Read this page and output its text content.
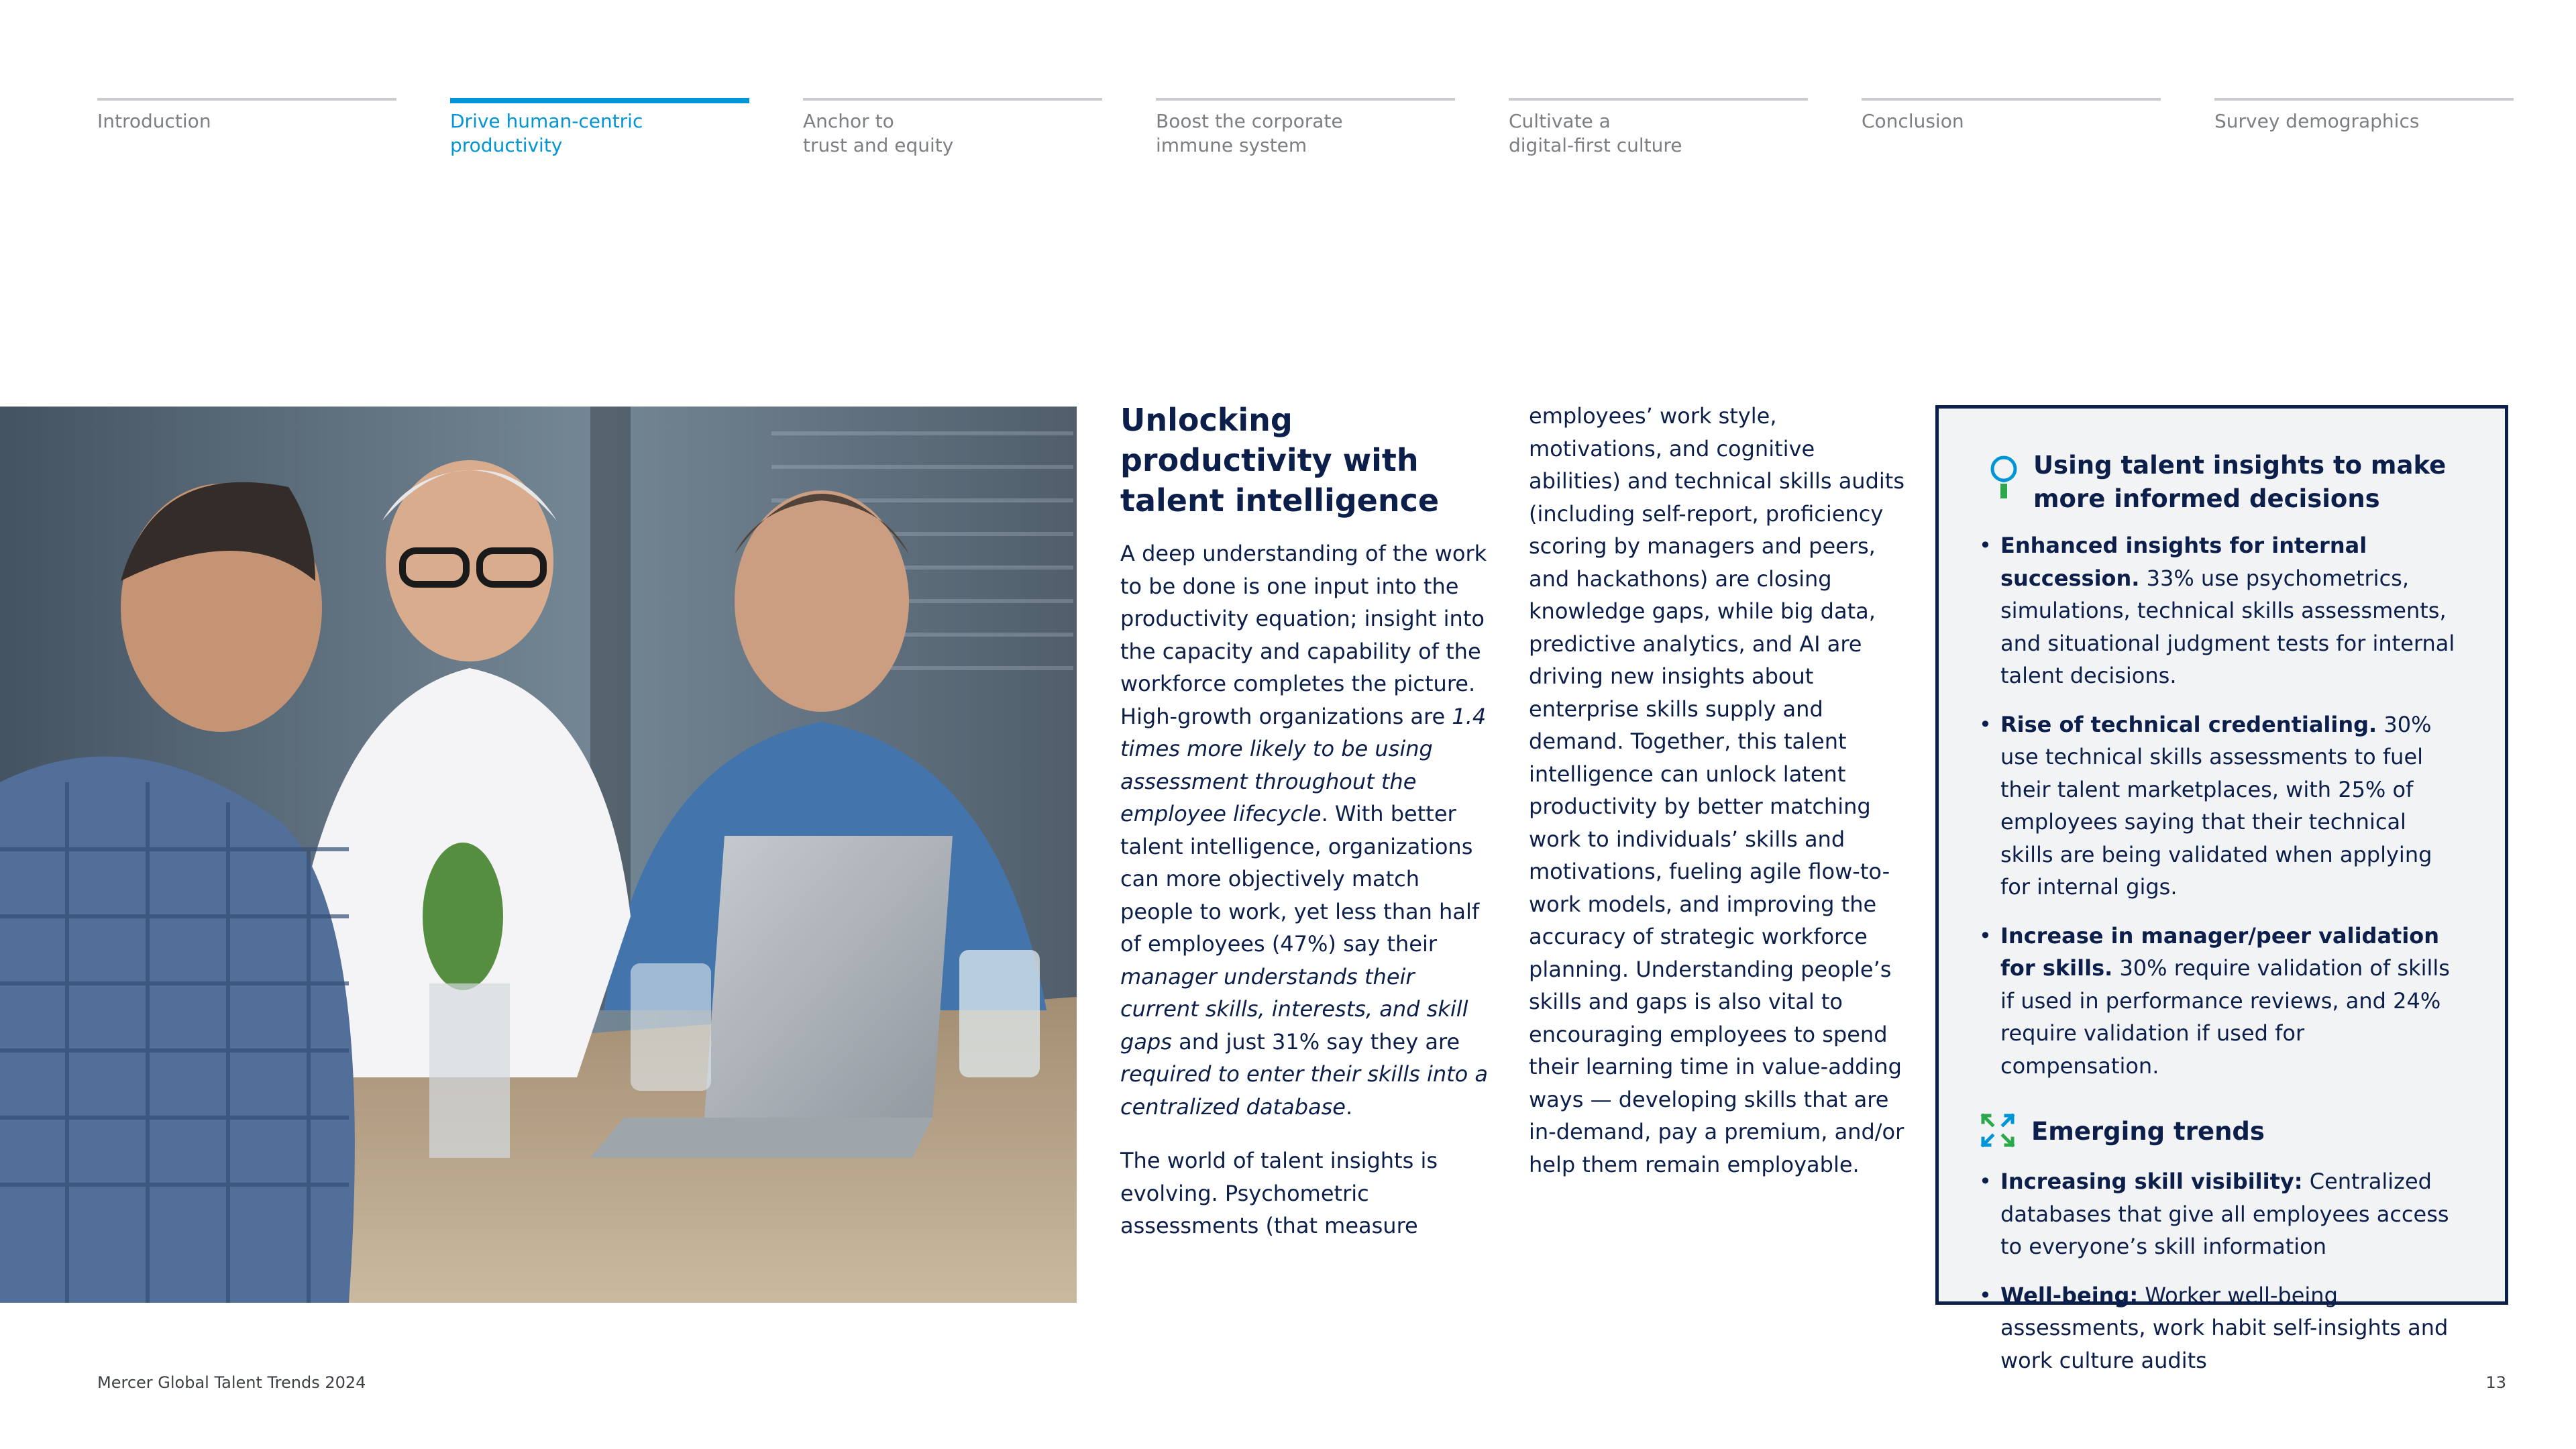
Introduction	Drive human-centric
productivity
Anchor to
trust and equity
Boost the corporate
immune system
Cultivate a
digital-first culture
Conclusion	Survey demographics
Unlocking productivity with talent intelligence

A deep understanding of the work to be done is one input into the productivity equation; insight into the capacity and capability of the workforce completes the picture. High-growth organizations are 1.4 times more likely to be using assessment throughout the employee lifecycle. With better talent intelligence, organizations can more objectively match people to work, yet less than half of employees (47%) say their manager understands their current skills, interests, and skill gaps and just 31% say they are required to enter their skills into a centralized database.

The world of talent insights is evolving. Psychometric assessments (that measure

employees’ work style, motivations, and cognitive abilities) and technical skills audits (including self-report, proficiency scoring by managers and peers, and hackathons) are closing knowledge gaps, while big data, predictive analytics, and AI are driving new insights about enterprise skills supply and demand. Together, this talent intelligence can unlock latent productivity by better matching work to individuals’ skills and motivations, fueling agile flow-to-work models, and improving the accuracy of strategic workforce planning. Understanding people’s skills and gaps is also vital to encouraging employees to spend their learning time in value-adding ways — developing skills that are in-demand, pay a premium, and/or help them remain employable.

Using talent insights to make more informed decisions
• Enhanced insights for internal succession. 33% use psychometrics, simulations, technical skills assessments, and situational judgment tests for internal talent decisions.
• Rise of technical credentialing. 30% use technical skills assessments to fuel their talent marketplaces, with 25% of employees saying that their technical skills are being validated when applying for internal gigs.
• Increase in manager/peer validation for skills. 30% require validation of skills if used in performance reviews, and 24% require validation if used for compensation.
Emerging trends
• Increasing skill visibility: Centralized databases that give all employees access to everyone’s skill information
• Well-being: Worker well-being assessments, work habit self-insights and work culture audits
Mercer Global Talent Trends 2024	13
